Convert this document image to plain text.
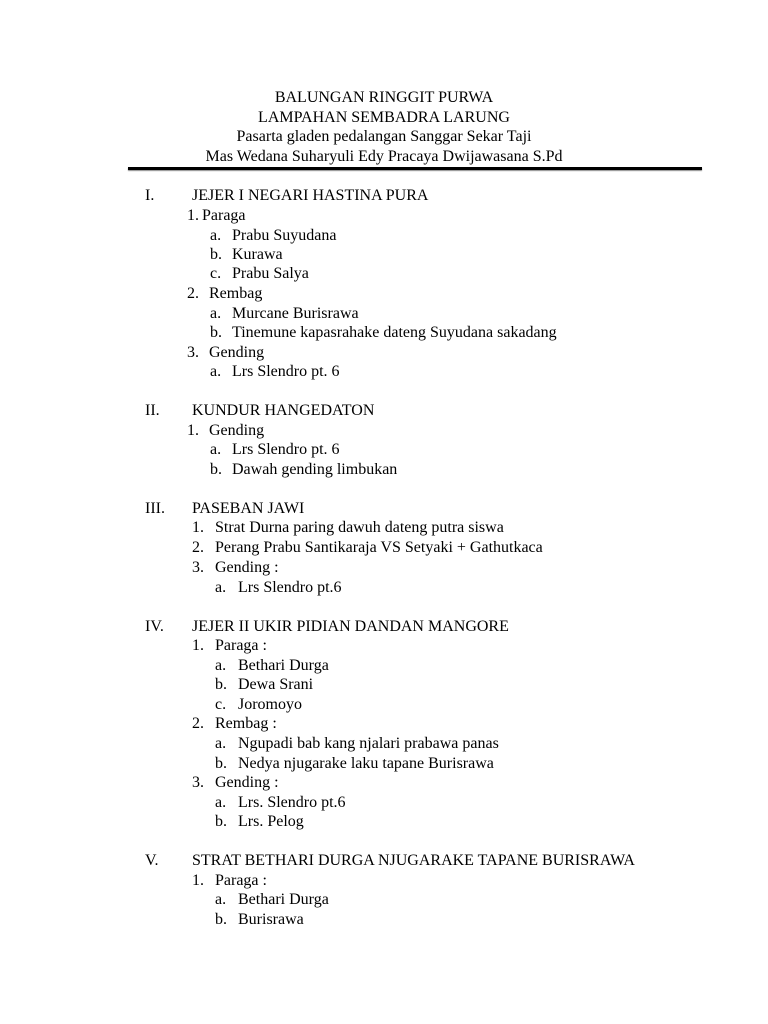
BALUNGAN RINGGIT PURWA
LAMPAHAN SEMBADRA LARUNG
Pasarta gladen pedalangan Sanggar Sekar Taji
Mas Wedana Suharyuli Edy Pracaya Dwijawasana S.Pd
I. JEJER I NEGARI HASTINA PURA
1. Paraga
a. Prabu Suyudana
b. Kurawa
c. Prabu Salya
2. Rembag
a. Murcane Burisrawa
b. Tinemune kapasrahake dateng Suyudana sakadang
3. Gending
a. Lrs Slendro pt. 6
II. KUNDUR HANGEDATON
1. Gending
a. Lrs Slendro pt. 6
b. Dawah gending limbukan
III. PASEBAN JAWI
1. Strat Durna paring dawuh dateng putra siswa
2. Perang Prabu Santikaraja VS Setyaki + Gathutkaca
3. Gending :
a. Lrs Slendro pt.6
IV. JEJER II UKIR PIDIAN DANDAN MANGORE
1. Paraga :
a. Bethari Durga
b. Dewa Srani
c. Joromoyo
2. Rembag :
a. Ngupadi bab kang njalari prabawa panas
b. Nedya njugarake laku tapane Burisrawa
3. Gending :
a. Lrs. Slendro pt.6
b. Lrs. Pelog
V. STRAT BETHARI DURGA NJUGARAKE TAPANE BURISRAWA
1. Paraga :
a. Bethari Durga
b. Burisrawa
